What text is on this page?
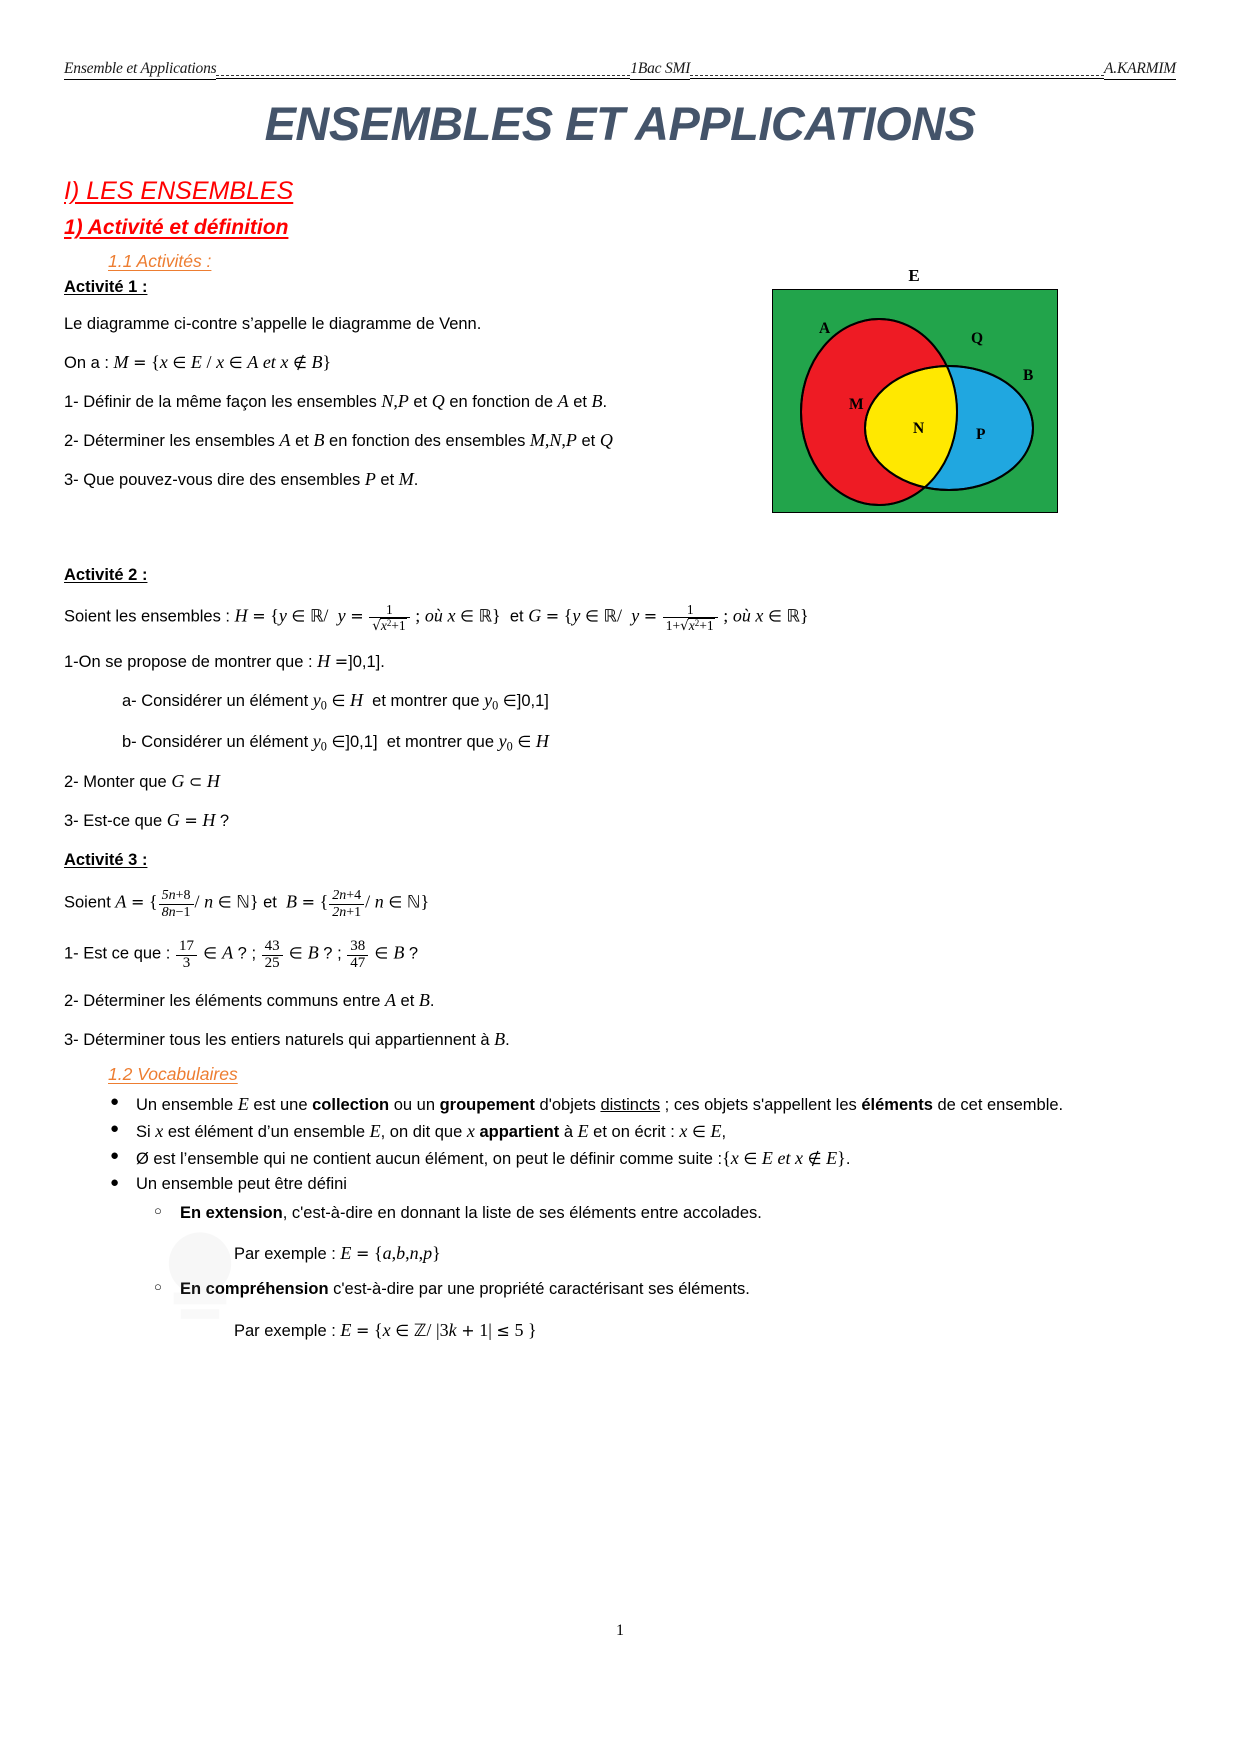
Ensemble et Applications	1Bac SMI	A.KARMIM
ENSEMBLES ET APPLICATIONS
I) LES ENSEMBLES
1) Activité et définition
1.1 Activités :
Activité 1 :

Le diagramme ci-contre s’appelle le diagramme de Venn.

On a : M = {x ∈ E / x ∈ A et x ∉ B}

1- Définir de la même façon les ensembles N,P et Q en fonction de A et B.

2- Déterminer les ensembles A et B en fonction des ensembles M,N,P et Q

3- Que pouvez-vous dire des ensembles P et M.

Activité 2 :

Soient les ensembles : H = {y ∈ ℝ/ $y = \frac{1}{√x^2+1}$ ; où x ∈ ℝ}  et G = {y ∈ ℝ/ $y = \frac{1}{1+√x^2+1}$ ; où x ∈ ℝ}

1-On se propose de montrer que : H =]0,1].

a- Considérer un élément $y_0$ ∈ H  et montrer que $y_0$ ∈]0,1]

b- Considérer un élément $y_0$ ∈]0,1]  et montrer que $y_0$ ∈ H

2- Monter que G ⊂ H

3- Est-ce que G = H ?

Activité 3 :

Soient A = { $\frac{5n+8}{8n-1}$ / n ∈ ℕ} et  B = { $\frac{2n+4}{2n+1}$ / n ∈ ℕ}

1- Est ce que : $\frac{17}{3}$ ∈ A ? ; $\frac{43}{25}$ ∈ B ? ; $\frac{38}{47}$ ∈ B ?

2- Déterminer les éléments communs entre A et B.

3- Déterminer tous les entiers naturels qui appartiennent à B.

1.2 Vocabulaires
● Un ensemble E est une collection ou un groupement d'objets distincts ; ces objets s'appellent les éléments de cet ensemble.
● Si x est élément d’un ensemble E, on dit que x appartient à E et on écrit : x ∈ E,
● Ø est l’ensemble qui ne contient aucun élément, on peut le définir comme suite :{x ∈ E et x ∉ E}.
● Un ensemble peut être défini
○ En extension, c'est-à-dire en donnant la liste de ses éléments entre accolades.
Par exemple : E = {a,b,n,p}
○ En compréhension c'est-à-dire par une propriété caractérisant ses éléments.
Par exemple : E = {x ∈ ℤ/ |3k + 1| ≤ 5 }
E
A
Q
B
M
N	P
1
